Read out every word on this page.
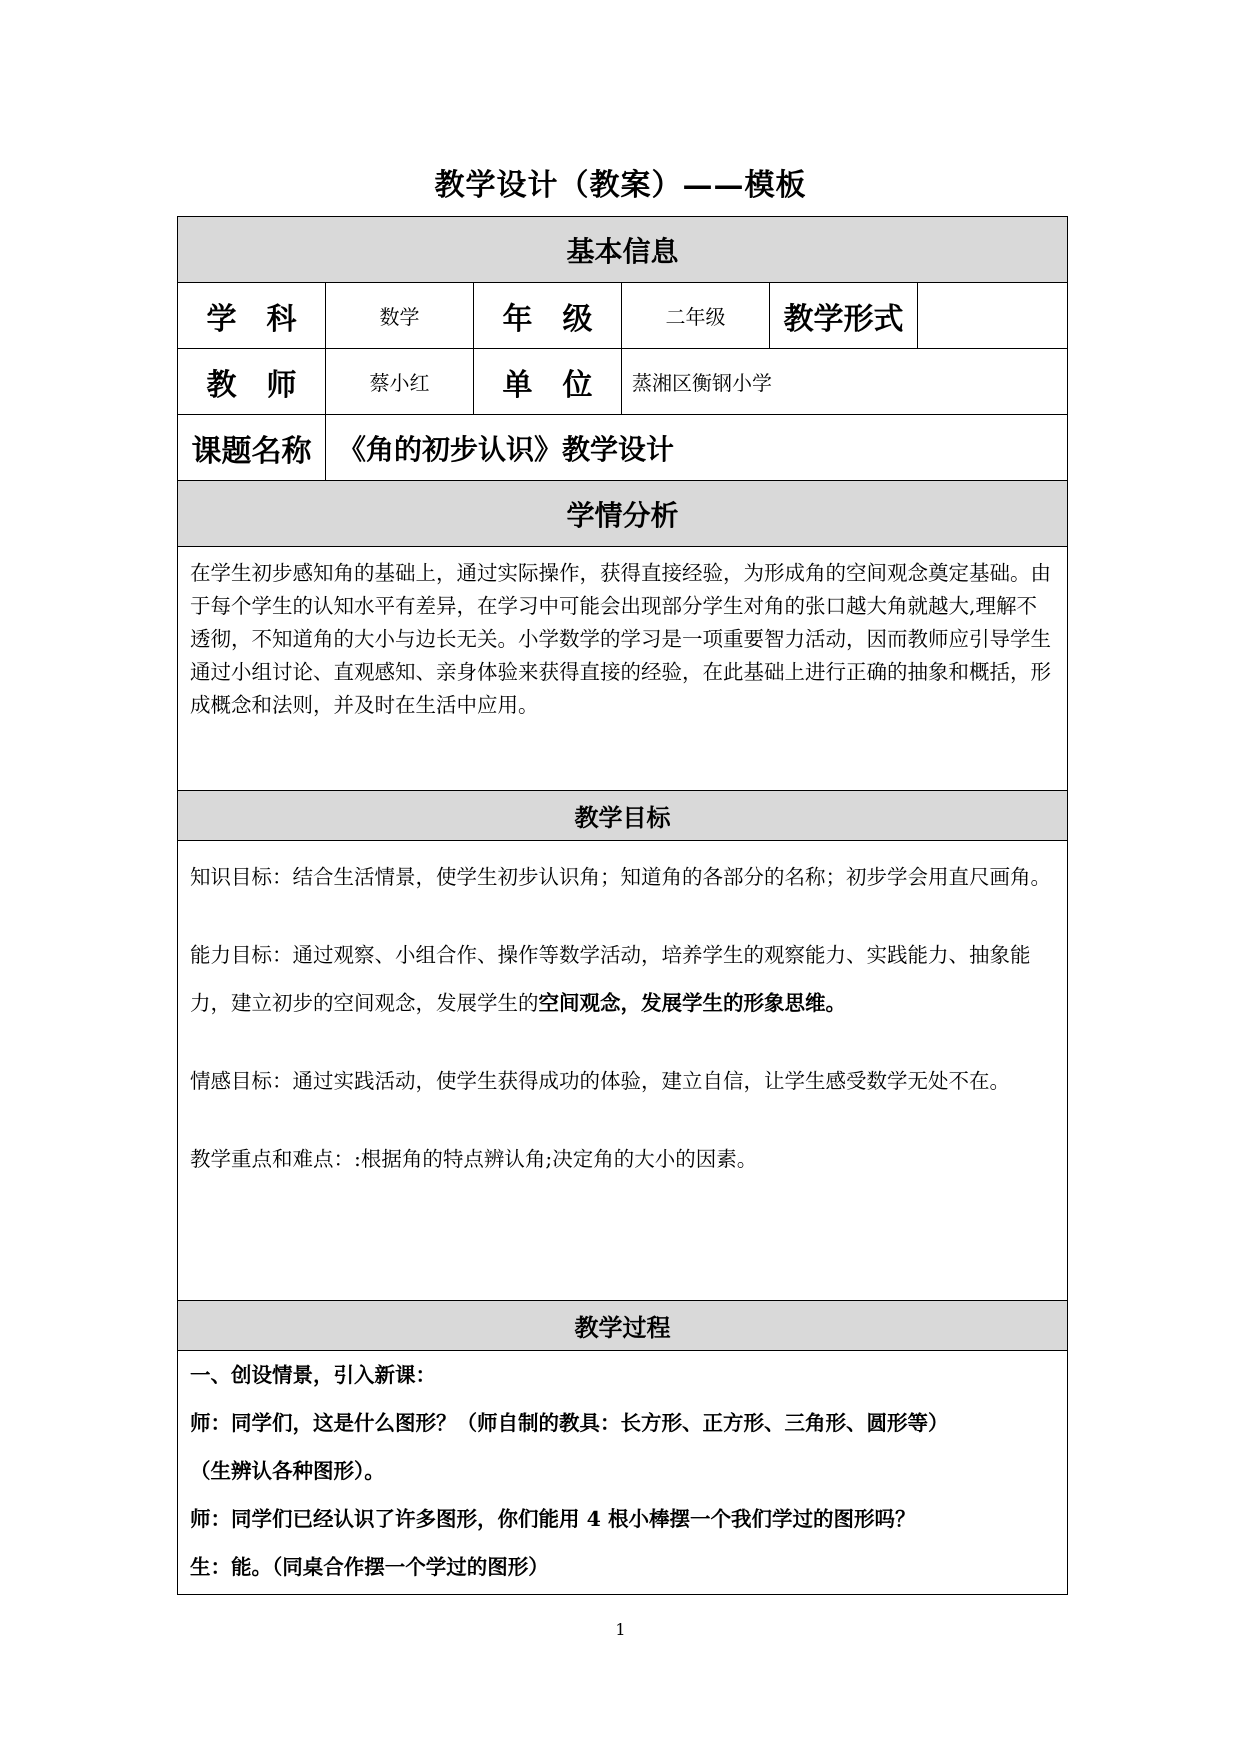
教学设计（教案）——模板
基本信息					
学　科	数学	年　级	二年级	教学形式	
教　师	蔡小红	单　位	蒸湘区衡钢小学		
课题名称	《角的初步认识》教学设计				
学情分析					
在学生初步感知角的基础上，通过实际操作，获得直接经验，为形成角的空间观念奠定基础。由于每个学生的认知水平有差异，在学习中可能会出现部分学生对角的张口越大角就越大,理解不透彻，不知道角的大小与边长无关。小学数学的学习是一项重要智力活动，因而教师应引导学生通过小组讨论、直观感知、亲身体验来获得直接的经验，在此基础上进行正确的抽象和概括，形成概念和法则，并及时在生活中应用。					
教学目标					

知识目标：结合生活情景，使学生初步认识角；知道角的各部分的名称；初步学会用直尺画角。

能力目标：通过观察、小组合作、操作等数学活动，培养学生的观察能力、实践能力、抽象能力，建立初步的空间观念，发展学生的空间观念，发展学生的形象思维。

情感目标：通过实践活动，使学生获得成功的体验，建立自信，让学生感受数学无处不在。

教学重点和难点：:根据角的特点辨认角;决定角的大小的因素。					

教学过程					

一、创设情景，引入新课：

师：同学们，这是什么图形？（师自制的教具：长方形、正方形、三角形、圆形等）

（生辨认各种图形）。

师：同学们已经认识了许多图形，你们能用 4 根小棒摆一个我们学过的图形吗？

生：能。（同桌合作摆一个学过的图形）					

1
